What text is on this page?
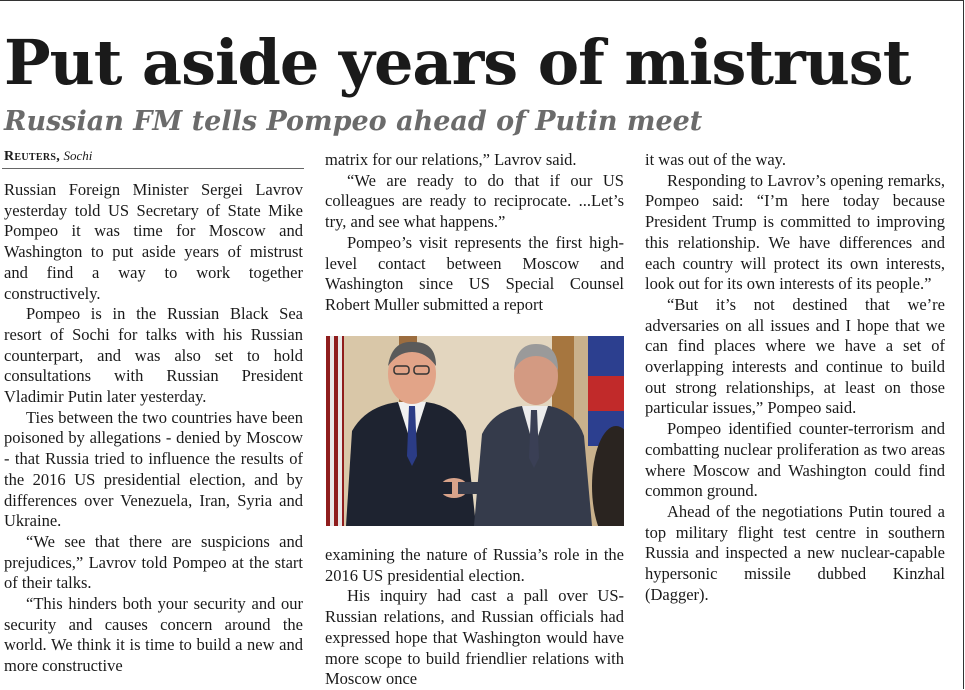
Put aside years of mistrust
Russian FM tells Pompeo ahead of Putin meet
Reuters, Sochi

Russian Foreign Minister Sergei Lavrov yesterday told US Secretary of State Mike Pompeo it was time for Moscow and Washington to put aside years of mistrust and find a way to work together constructively.

Pompeo is in the Russian Black Sea resort of Sochi for talks with his Russian counterpart, and was also set to hold consultations with Russian President Vladimir Putin later yesterday.

Ties between the two countries have been poisoned by allegations - denied by Moscow - that Russia tried to influence the results of the 2016 US presidential election, and by differences over Venezuela, Iran, Syria and Ukraine.

“We see that there are suspicions and prejudices,” Lavrov told Pompeo at the start of their talks.

“This hinders both your security and our security and causes concern around the world. We think it is time to build a new and more constructive

matrix for our relations,” Lavrov said.

“We are ready to do that if our US colleagues are ready to reciprocate. ...Let’s try, and see what happens.”

Pompeo’s visit represents the first high-level contact between Moscow and Washington since US Special Counsel Robert Muller submitted a report

examining the nature of Russia’s role in the 2016 US presidential election.

His inquiry had cast a pall over US-Russian relations, and Russian officials had expressed hope that Washington would have more scope to build friendlier relations with Moscow once

it was out of the way.

Responding to Lavrov’s opening remarks, Pompeo said: “I’m here today because President Trump is committed to improving this relationship. We have differences and each country will protect its own interests, look out for its own interests of its people.”

“But it’s not destined that we’re adversaries on all issues and I hope that we can find places where we have a set of overlapping interests and continue to build out strong relationships, at least on those particular issues,” Pompeo said.

Pompeo identified counter-terrorism and combatting nuclear proliferation as two areas where Moscow and Washington could find common ground.

Ahead of the negotiations Putin toured a top military flight test centre in southern Russia and inspected a new nuclear-capable hypersonic missile dubbed Kinzhal (Dagger).
